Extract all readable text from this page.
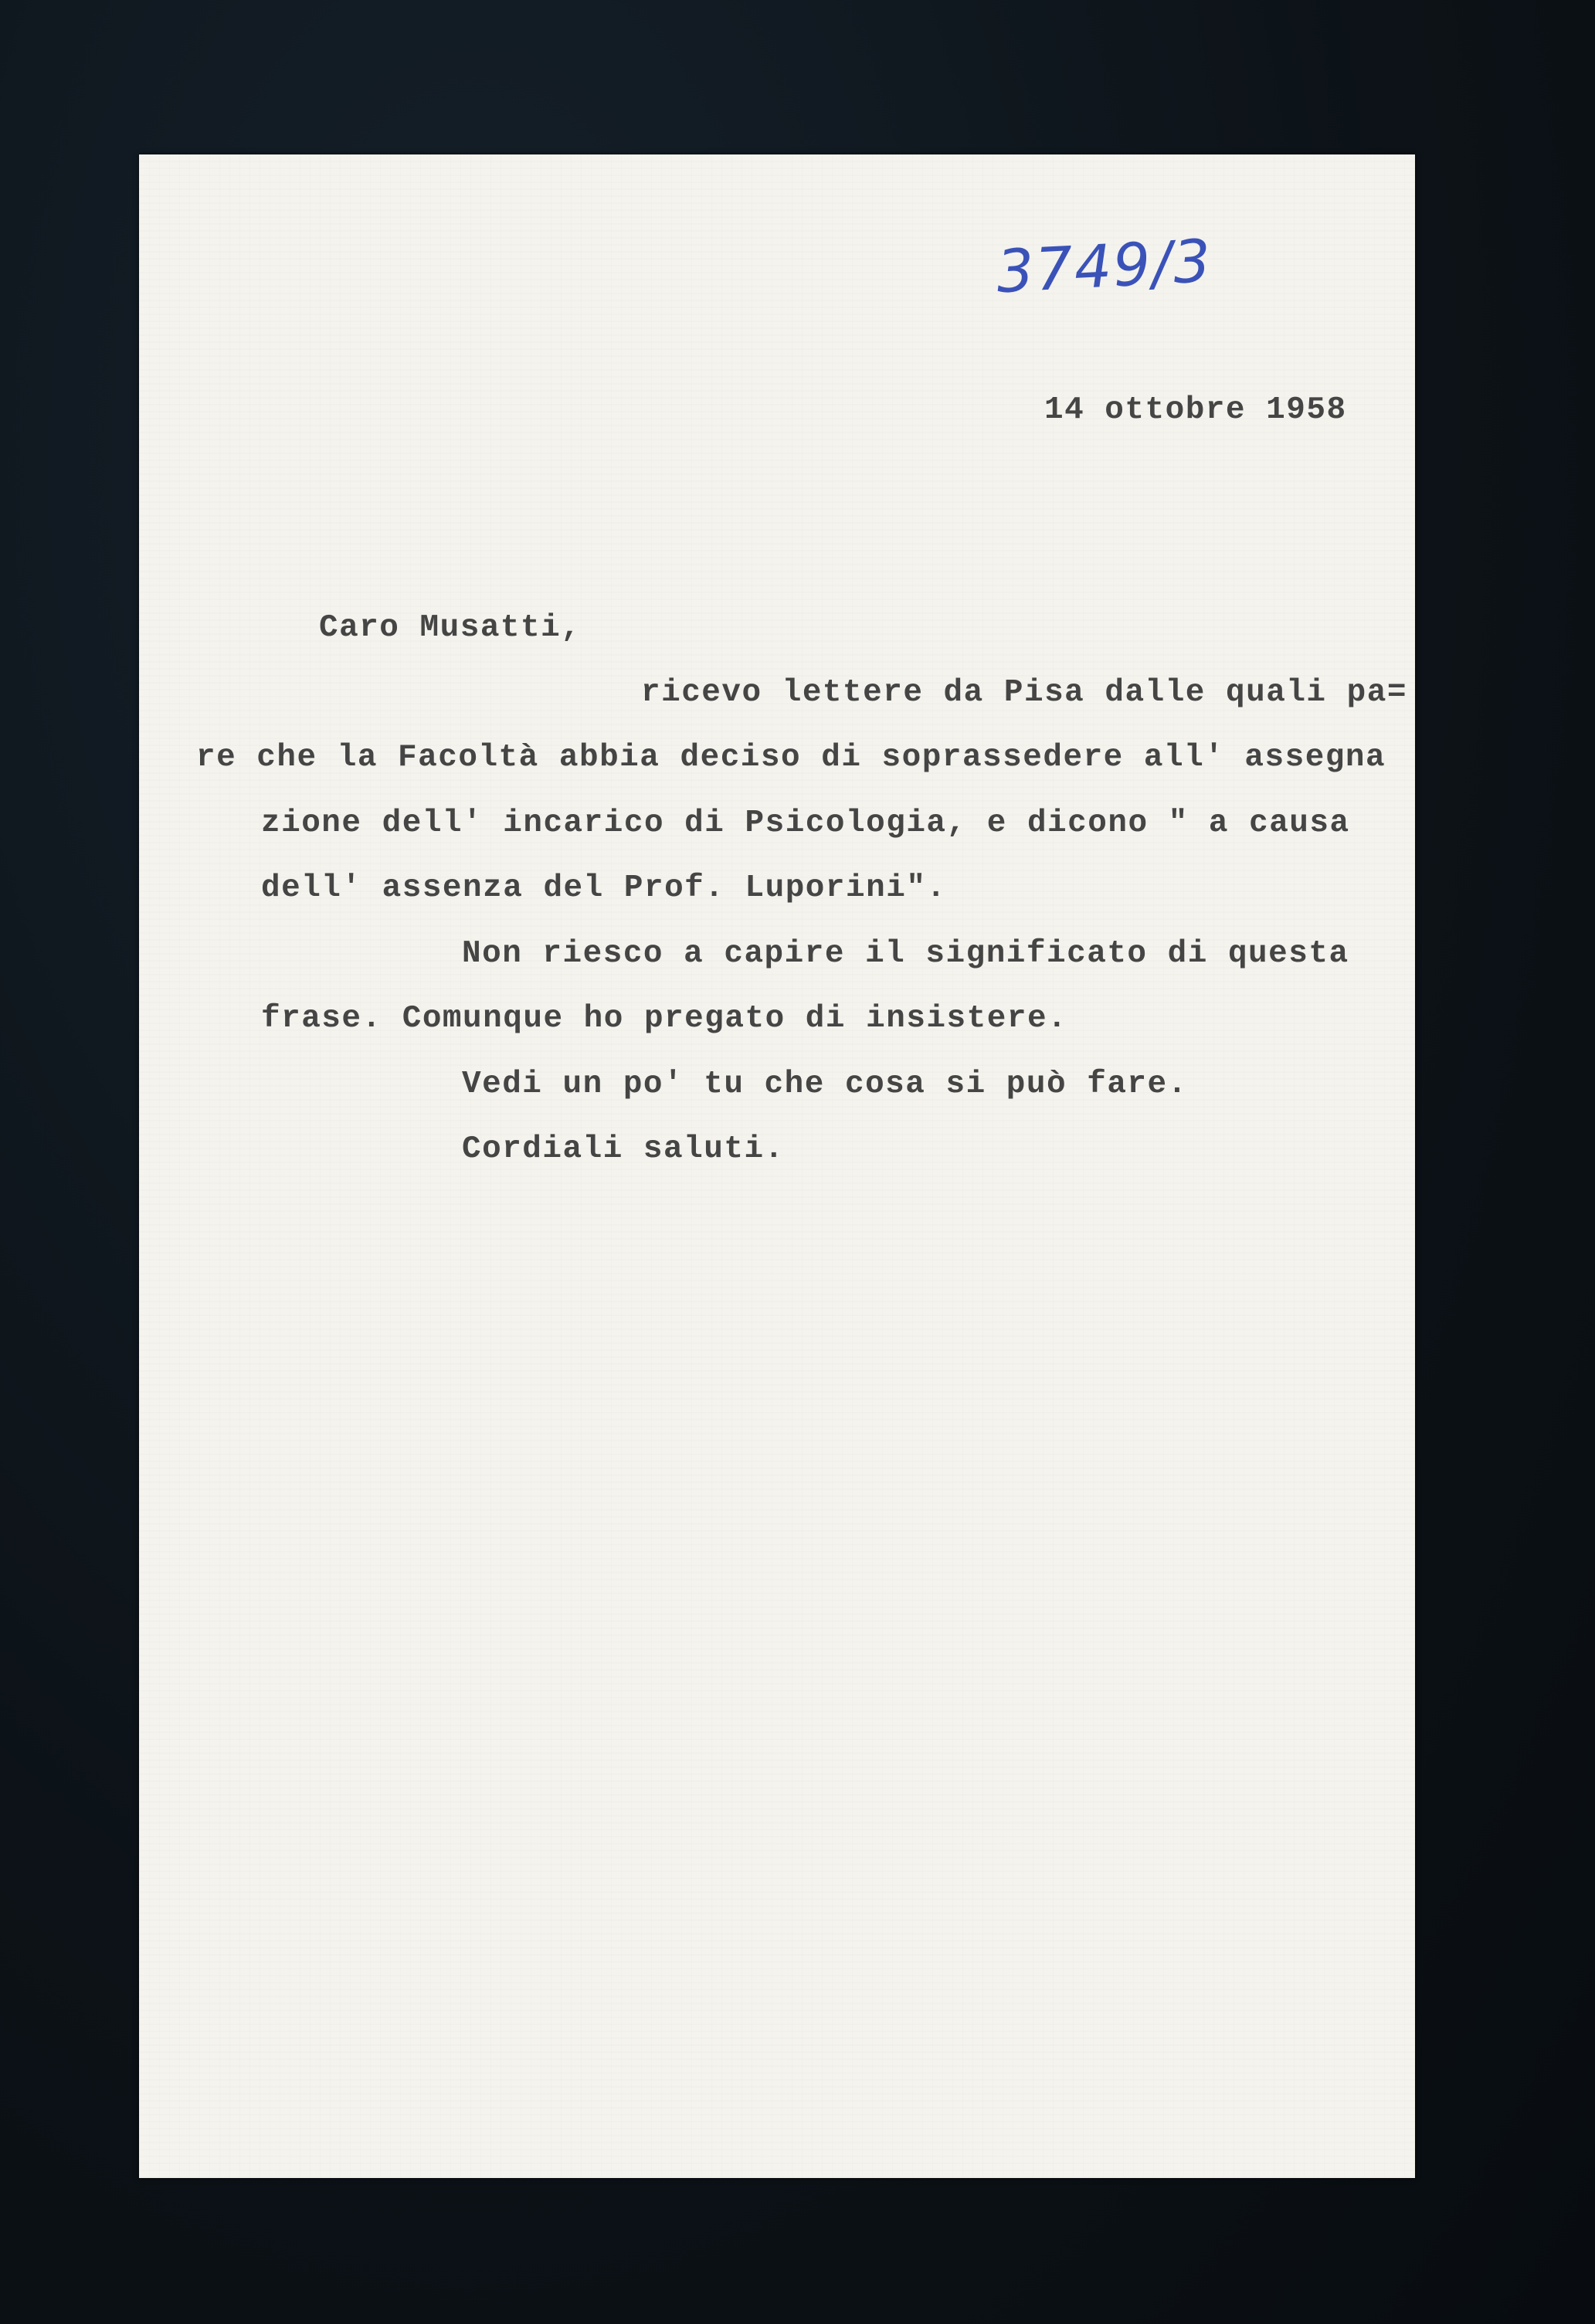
3749/3
14 ottobre 1958
Caro Musatti,
ricevo lettere da Pisa dalle quali pa=
re che la Facoltà abbia deciso di soprassedere all' assegna
zione dell' incarico di Psicologia, e dicono " a causa
dell' assenza del Prof. Luporini".
Non riesco a capire il significato di questa
frase. Comunque ho pregato di insistere.
Vedi un po' tu che cosa si può fare.
Cordiali saluti.
